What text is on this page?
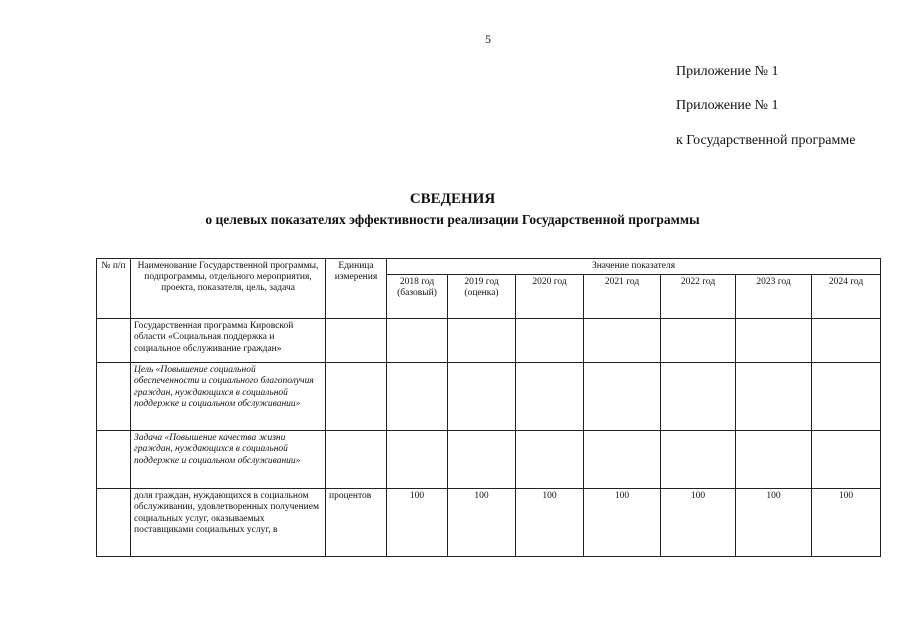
5
Приложение № 1
Приложение № 1
к Государственной программе
СВЕДЕНИЯ
о целевых показателях эффективности реализации Государственной программы
№ п/п	Наименование Государственной программы, подпрограммы, отдельного мероприятия, проекта, показателя, цель, задача	Единица измерения	Значение показателя						
			2018 год (базовый)	2019 год (оценка)	2020 год	2021 год	2022 год	2023 год	2024 год
	Государственная программа Кировской области «Социальная поддержка и социальное обслуживание граждан»								
	Цель «Повышение социальной обеспеченности и социального благополучия граждан, нуждающихся в социальной поддержке и социальном обслуживании»								
	Задача «Повышение качества жизни граждан, нуждающихся в социальной поддержке и социальном обслуживании»								
	доля граждан, нуждающихся в социальном обслуживании, удовлетворенных получением социальных услуг, оказываемых поставщиками социальных услуг, в	процентов	100	100	100	100	100	100	100
